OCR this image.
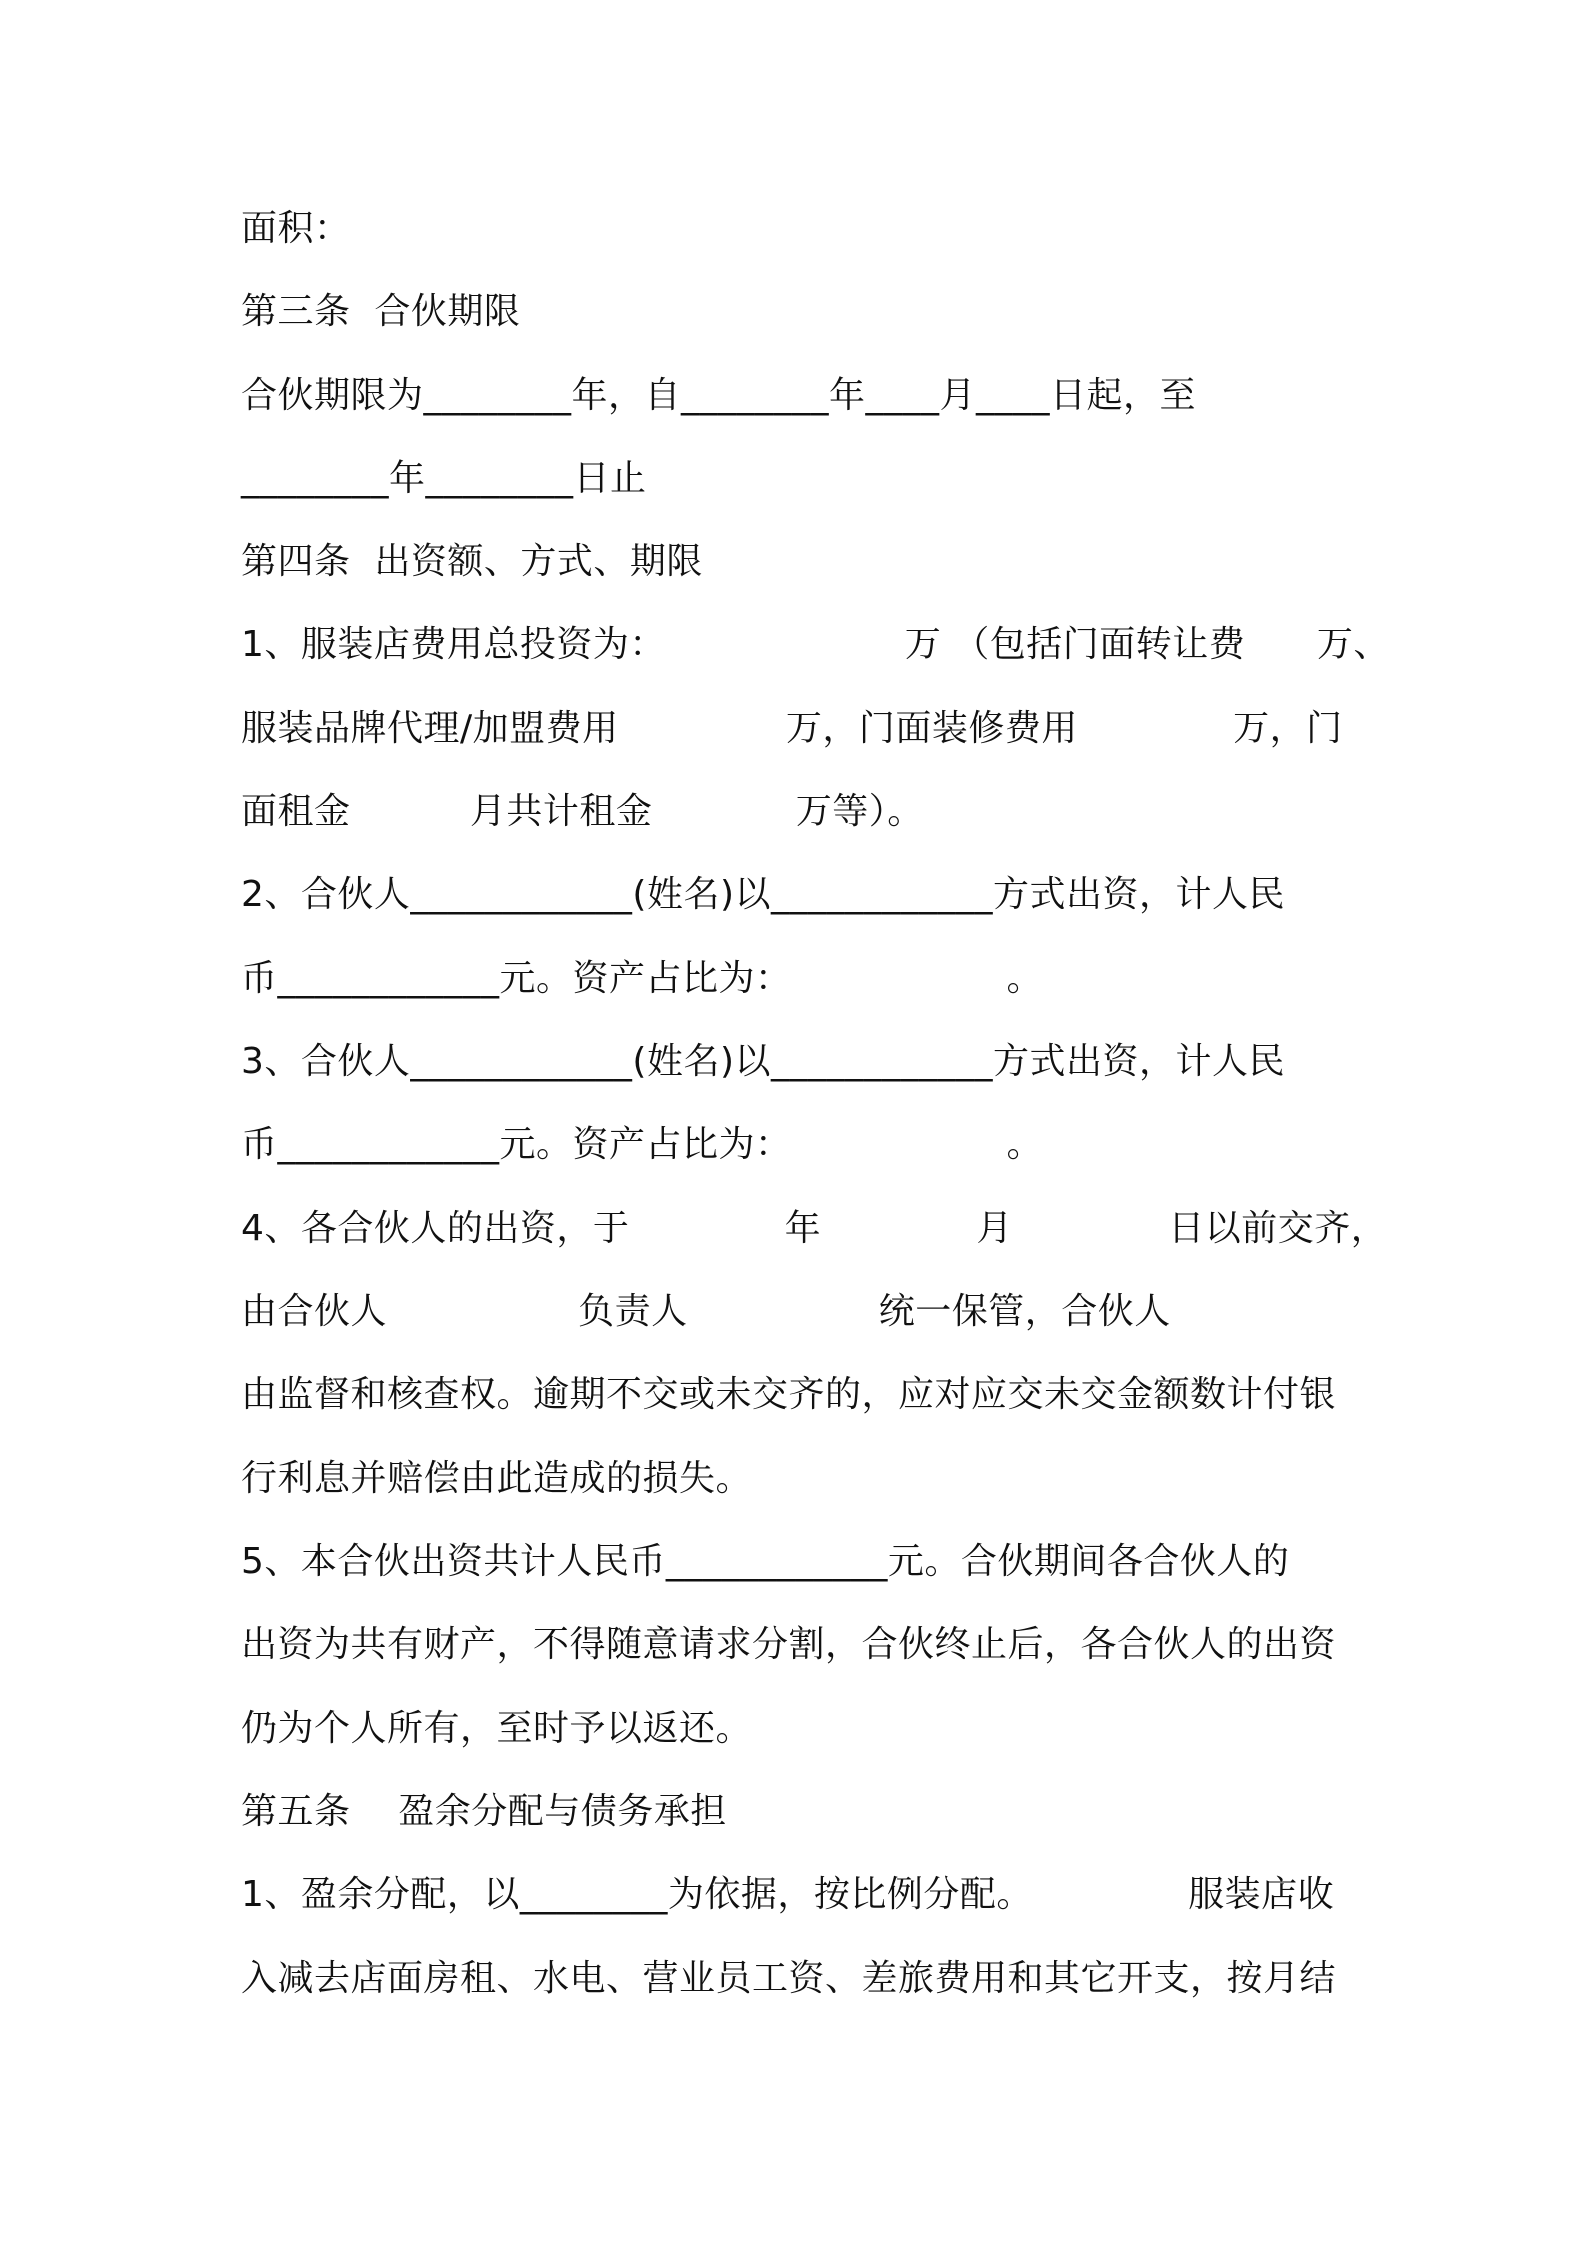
面积：
第三条  合伙期限
合伙期限为________年，自________年____月____日起，至
________年________日止
第四条  出资额、方式、期限
1、服装店费用总投资为：                    万 （包括门面转让费      万、
服装品牌代理/加盟费用              万，门面装修费用             万，门
面租金          月共计租金            万等）。
2、合伙人____________(姓名)以____________方式出资，计人民
币____________元。资产占比为：                  。
3、合伙人____________(姓名)以____________方式出资，计人民
币____________元。资产占比为：                  。
4、各合伙人的出资，于             年             月             日以前交齐，
由合伙人                负责人                统一保管，合伙人
由监督和核查权。逾期不交或未交齐的，应对应交未交金额数计付银
行利息并赔偿由此造成的损失。
5、本合伙出资共计人民币____________元。合伙期间各合伙人的
出资为共有财产，不得随意请求分割，合伙终止后，各合伙人的出资
仍为个人所有，至时予以返还。
第五条    盈余分配与债务承担
1、盈余分配，以________为依据，按比例分配。             服装店收
入减去店面房租、水电、营业员工资、差旅费用和其它开支，按月结
